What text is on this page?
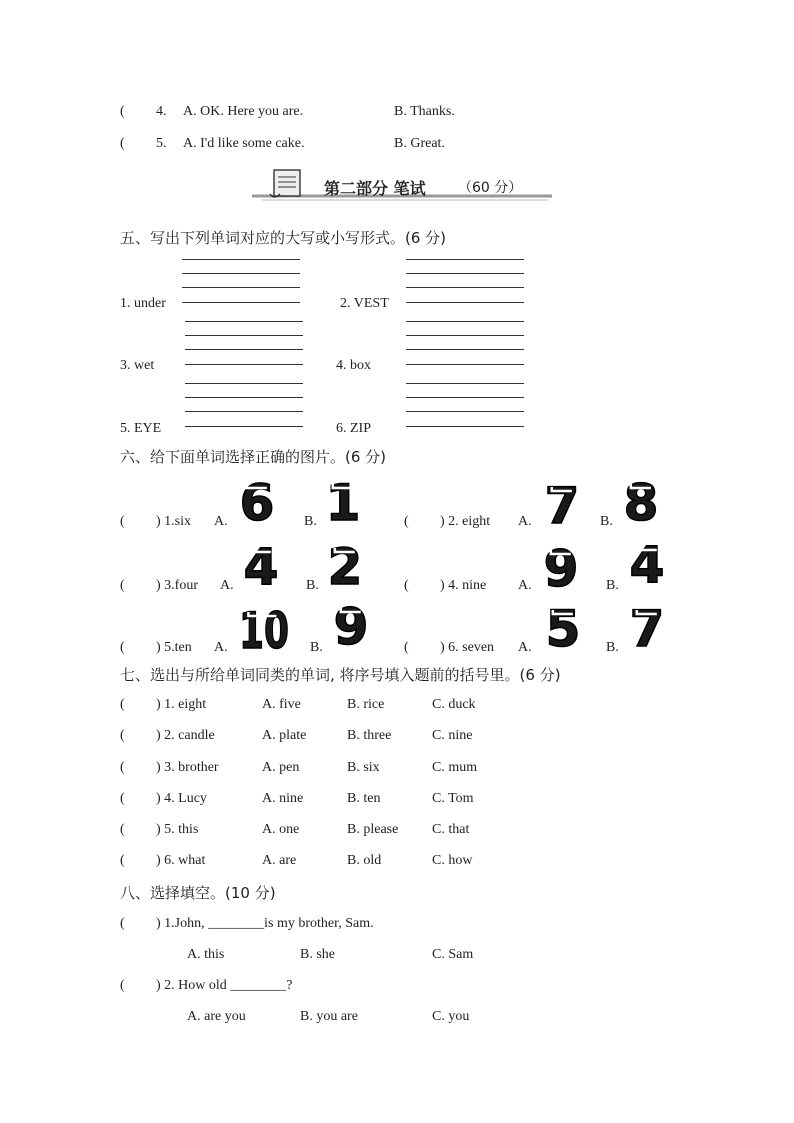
( 4. A. OK. Here you are.	B. Thanks.
( 5. A. I'd like some cake.	B. Great.
第二部分 笔试 （60 分）
五、写出下列单词对应的大写或小写形式。(6 分)
1. under	2. VEST
3. wet	4. box
5. EYE	6. ZIP
六、给下面单词选择正确的图片。(6 分)
( ) 1.six A. 6 B. 1	( ) 2. eight A. 7 B. 8
( ) 3.four A. 4 B. 2	( ) 4. nine A. 9 B. 4
( ) 5.ten A. 10 B. 9	( ) 6. seven A. 5 B. 7
七、选出与所给单词同类的单词, 将序号填入题前的括号里。(6 分)
( ) 1. eight	A. five	B. rice	C. duck
( ) 2. candle	A. plate	B. three	C. nine
( ) 3. brother	A. pen	B. six	C. mum
( ) 4. Lucy	A. nine	B. ten	C. Tom
( ) 5. this	A. one	B. please C. that
( ) 6. what	A. are	B. old	C. how
八、选择填空。(10 分)
( ) 1.John, ________is my brother, Sam.
A. this	B. she	C. Sam
( ) 2. How old ________?
A. are you	B. you are	C. you
